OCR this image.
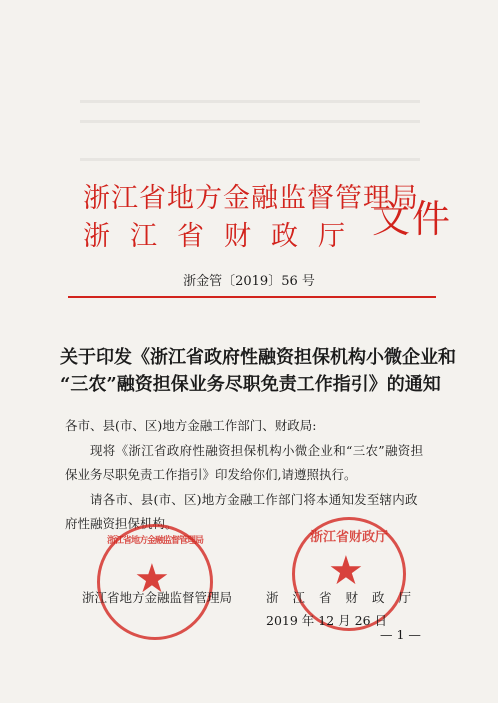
浙江省地方金融监督管理局
浙江省财政厅 文件
浙金管〔2019〕56 号
关于印发《浙江省政府性融资担保机构小微企业和
“三农”融资担保业务尽职免责工作指引》的通知
各市、县(市、区)地方金融工作部门、财政局:
现将《浙江省政府性融资担保机构小微企业和“三农”融资担
保业务尽职免责工作指引》印发给你们,请遵照执行。
请各市、县(市、区)地方金融工作部门将本通知发至辖内政
府性融资担保机构。
浙江省地方金融监督管理局
★
浙江省财政厅
★
浙江省地方金融监督管理局	浙江省财政厅
2019 年 12 月 26 日
— 1 —
